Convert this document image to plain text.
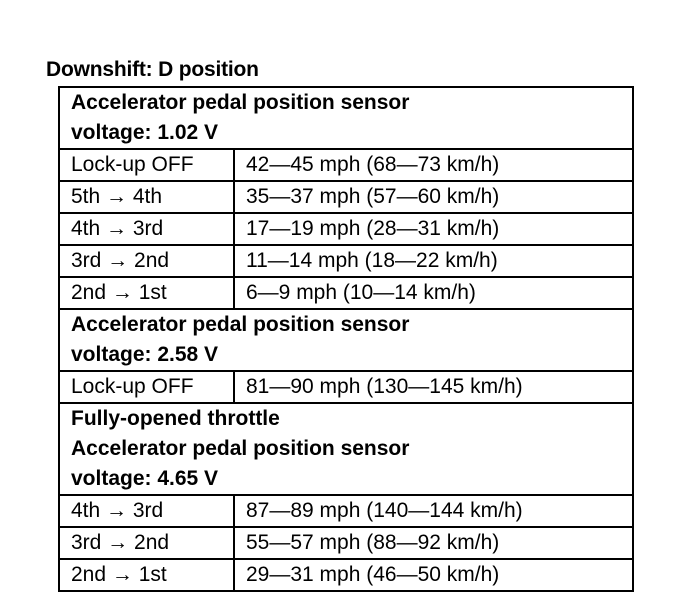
Downshift: D position
Accelerator pedal position sensor
voltage: 1.02 V	

Lock-up OFF	42—45 mph (68—73 km/h)
5th → 4th	35—37 mph (57—60 km/h)
4th → 3rd	17—19 mph (28—31 km/h)
3rd → 2nd	11—14 mph (18—22 km/h)
2nd → 1st	6—9 mph (10—14 km/h)

Accelerator pedal position sensor
voltage: 2.58 V	

Lock-up OFF	81—90 mph (130—145 km/h)

Fully-opened throttle
Accelerator pedal position sensor
voltage: 4.65 V	

4th → 3rd	87—89 mph (140—144 km/h)
3rd → 2nd	55—57 mph (88—92 km/h)
2nd → 1st	29—31 mph (46—50 km/h)
